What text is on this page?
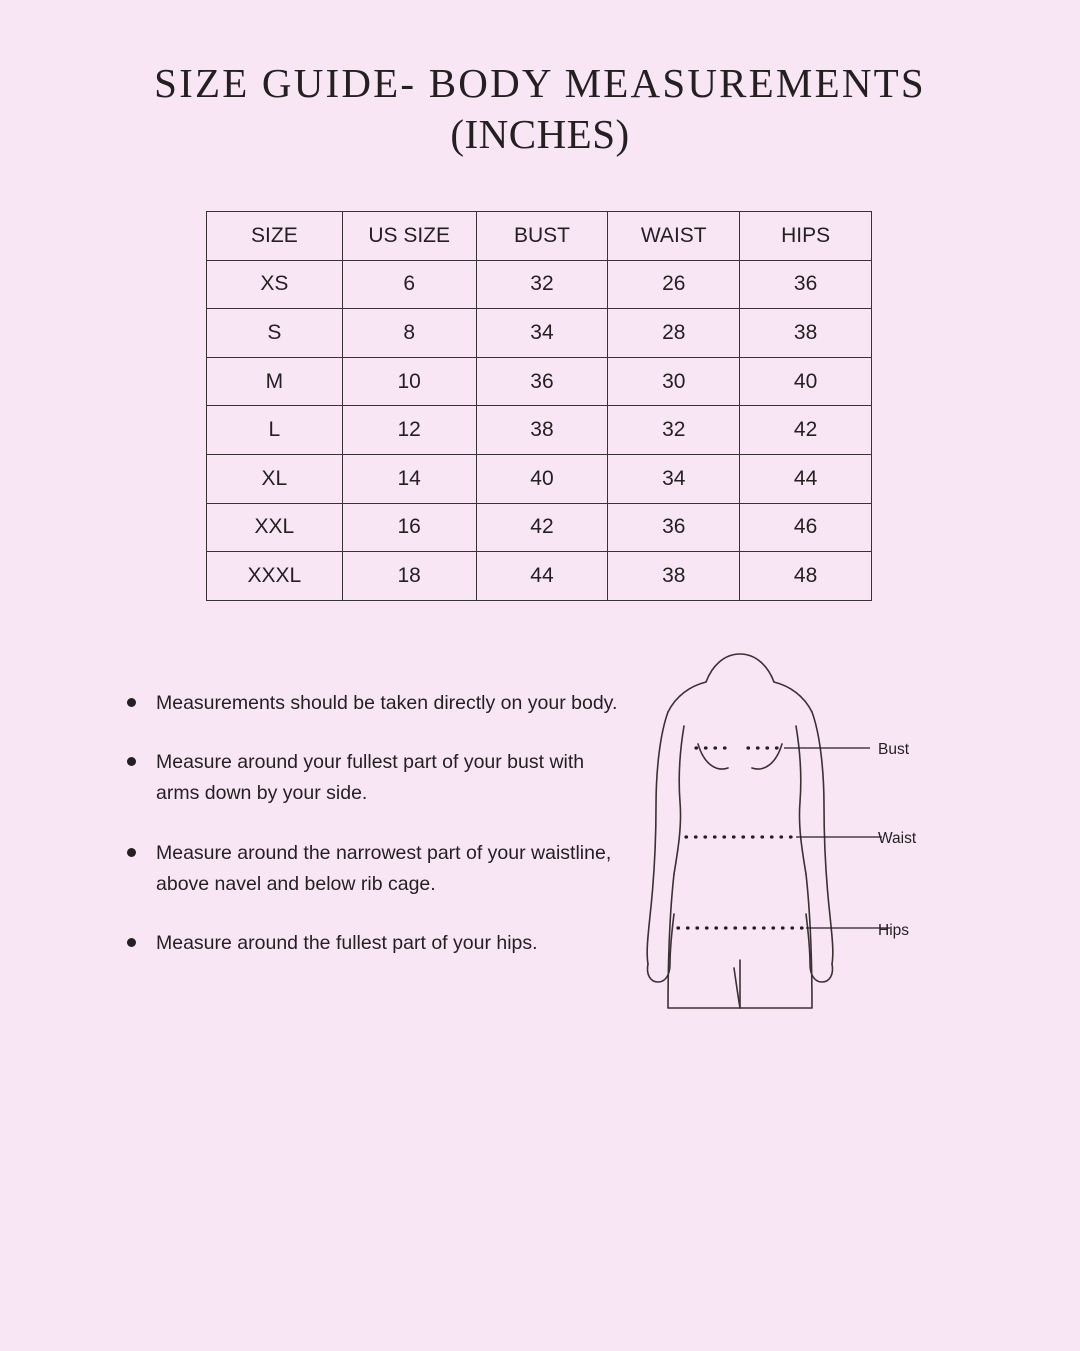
SIZE GUIDE- BODY MEASUREMENTS
(INCHES)
SIZE	US SIZE	BUST	WAIST	HIPS
XS	6	32	26	36
S	8	34	28	38
M	10	36	30	40
L	12	38	32	42
XL	14	40	34	44
XXL	16	42	36	46
XXXL	18	44	38	48
Measurements should be taken directly on your body.
Measure around your fullest part of your bust with arms down by your side.
Measure around the narrowest part of your waistline, above navel and below rib cage.
Measure around the fullest part of your hips.
Bust
Waist
Hips
